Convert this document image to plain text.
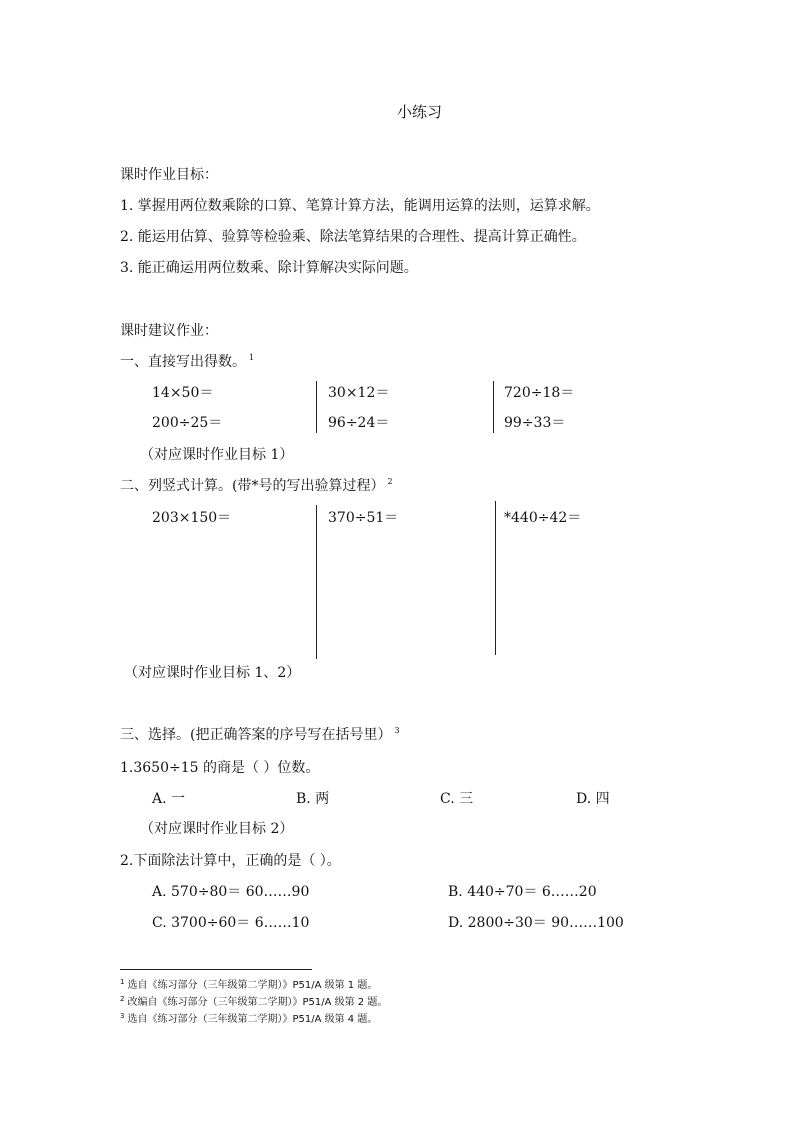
小练习
课时作业目标：
1. 掌握用两位数乘除的口算、笔算计算方法，能调用运算的法则，运算求解。
2. 能运用估算、验算等检验乘、除法笔算结果的合理性、提高计算正确性。
3. 能正确运用两位数乘、除计算解决实际问题。
课时建议作业：
一、直接写出得数。 $^1$
14×50＝	30×12＝	720÷18＝
200÷25＝	96÷24＝	99÷33＝
（对应课时作业目标 1）
二、列竖式计算。(带*号的写出验算过程） $^2$
203×150＝	370÷51＝	*440÷42＝
（对应课时作业目标 1、2）
三、选择。(把正确答案的序号写在括号里） $^3$
1.3650÷15 的商是（ ）位数。
A. 一	B. 两	C. 三	D. 四
（对应课时作业目标 2）
2.下面除法计算中，正确的是（ ）。
A. 570÷80＝ 60……90	B. 440÷70＝ 6……20
C. 3700÷60＝ 6……10	D. 2800÷30＝ 90……100
$^1$ 选自《练习部分（三年级第二学期）》P51/A 级第 1 题。
$^2$ 改编自《练习部分（三年级第二学期）》P51/A 级第 2 题。
$^3$ 选自《练习部分（三年级第二学期）》P51/A 级第 4 题。
